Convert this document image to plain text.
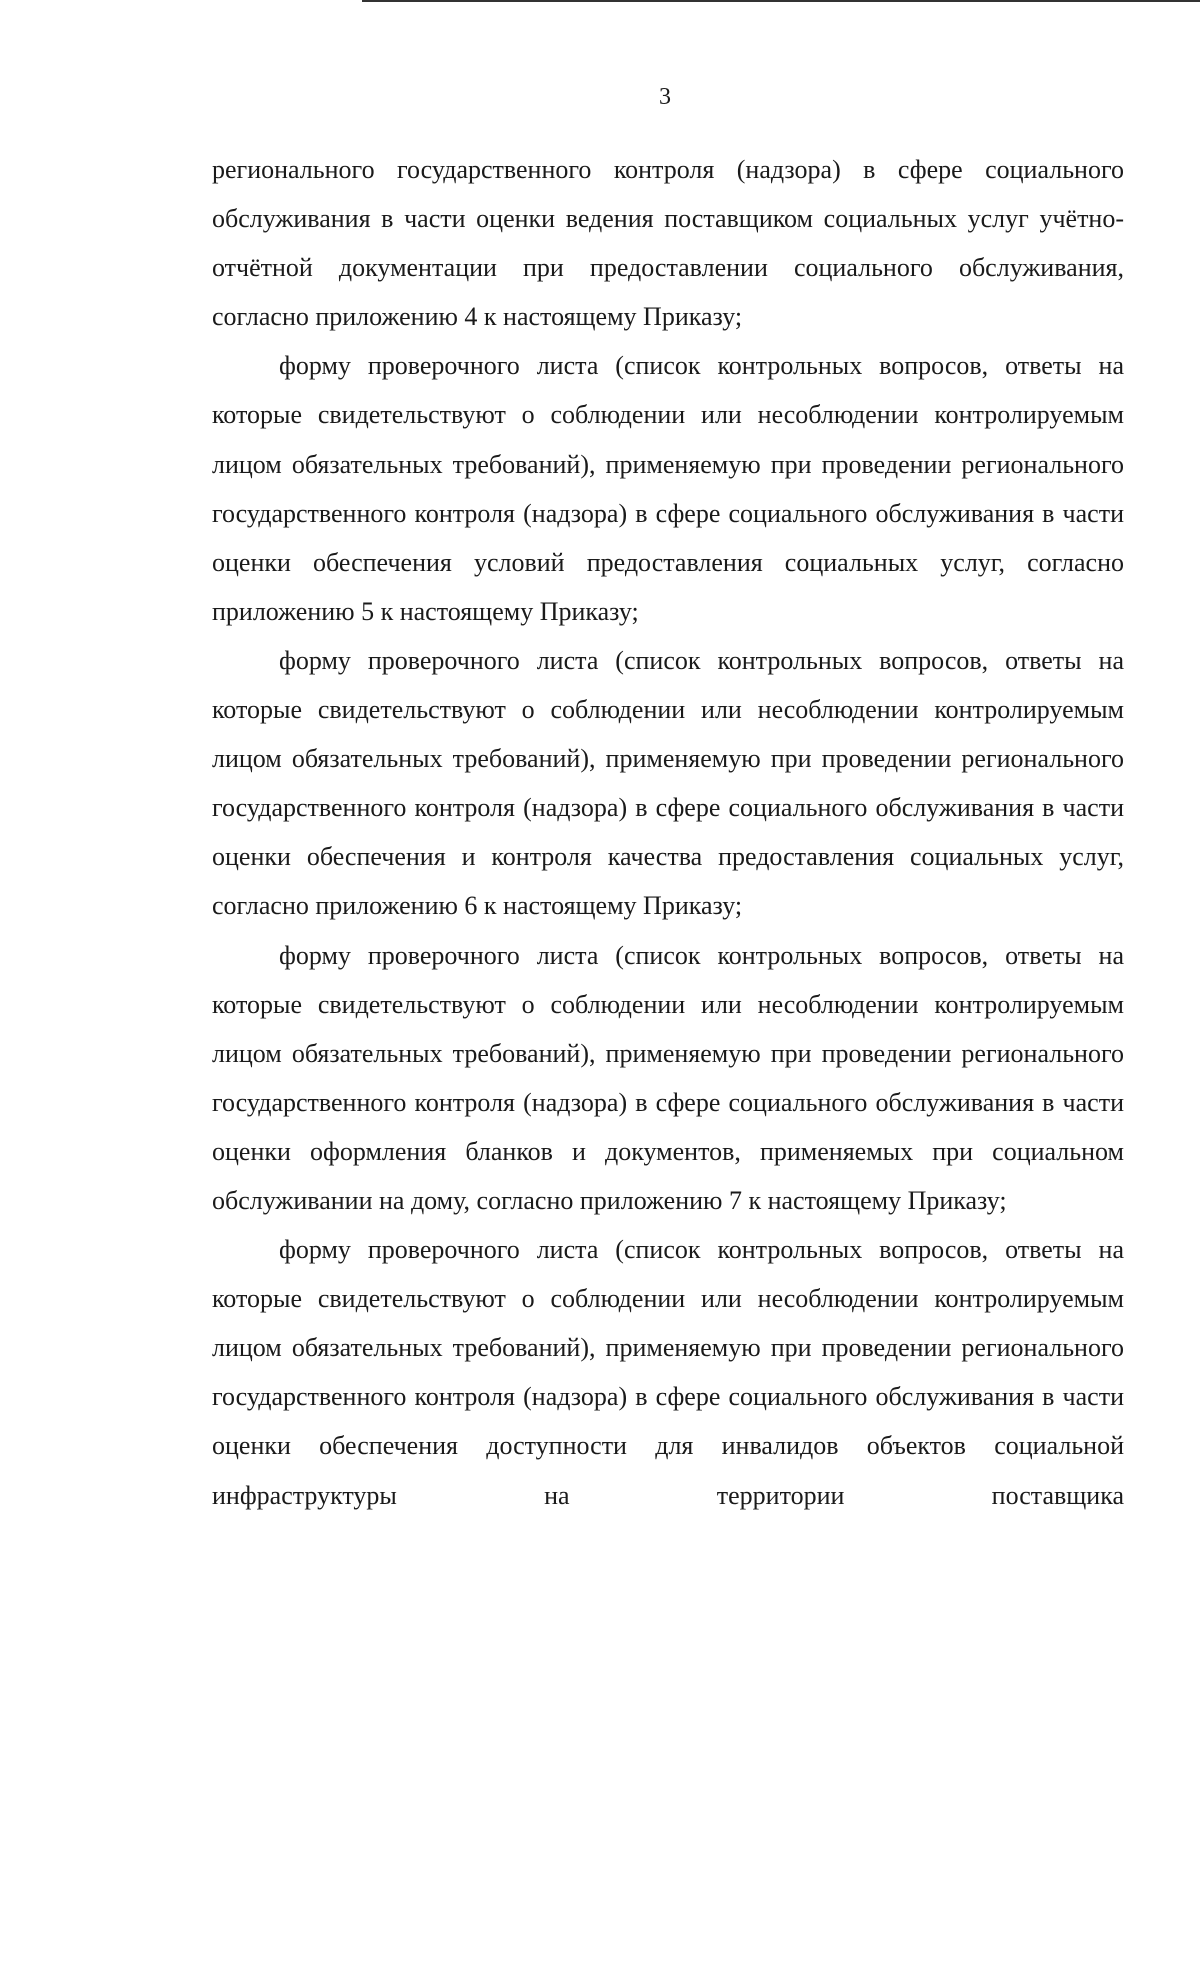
3

регионального государственного контроля (надзора) в сфере социального обслуживания в части оценки ведения поставщиком социальных услуг учётно-отчётной документации при предоставлении социального обслуживания, согласно приложению 4 к настоящему Приказу;

форму проверочного листа (список контрольных вопросов, ответы на которые свидетельствуют о соблюдении или несоблюдении контролируемым лицом обязательных требований), применяемую при проведении регионального государственного контроля (надзора) в сфере социального обслуживания в части оценки обеспечения условий предоставления социальных услуг, согласно приложению 5 к настоящему Приказу;

форму проверочного листа (список контрольных вопросов, ответы на которые свидетельствуют о соблюдении или несоблюдении контролируемым лицом обязательных требований), применяемую при проведении регионального государственного контроля (надзора) в сфере социального обслуживания в части оценки обеспечения и контроля качества предоставления социальных услуг, согласно приложению 6 к настоящему Приказу;

форму проверочного листа (список контрольных вопросов, ответы на которые свидетельствуют о соблюдении или несоблюдении контролируемым лицом обязательных требований), применяемую при проведении регионального государственного контроля (надзора) в сфере социального обслуживания в части оценки оформления бланков и документов, применяемых при социальном обслуживании на дому, согласно приложению 7 к настоящему Приказу;

форму проверочного листа (список контрольных вопросов, ответы на которые свидетельствуют о соблюдении или несоблюдении контролируемым лицом обязательных требований), применяемую при проведении регионального государственного контроля (надзора) в сфере социального обслуживания в части оценки обеспечения доступности для инвалидов объектов социальной инфраструктуры на территории поставщика
